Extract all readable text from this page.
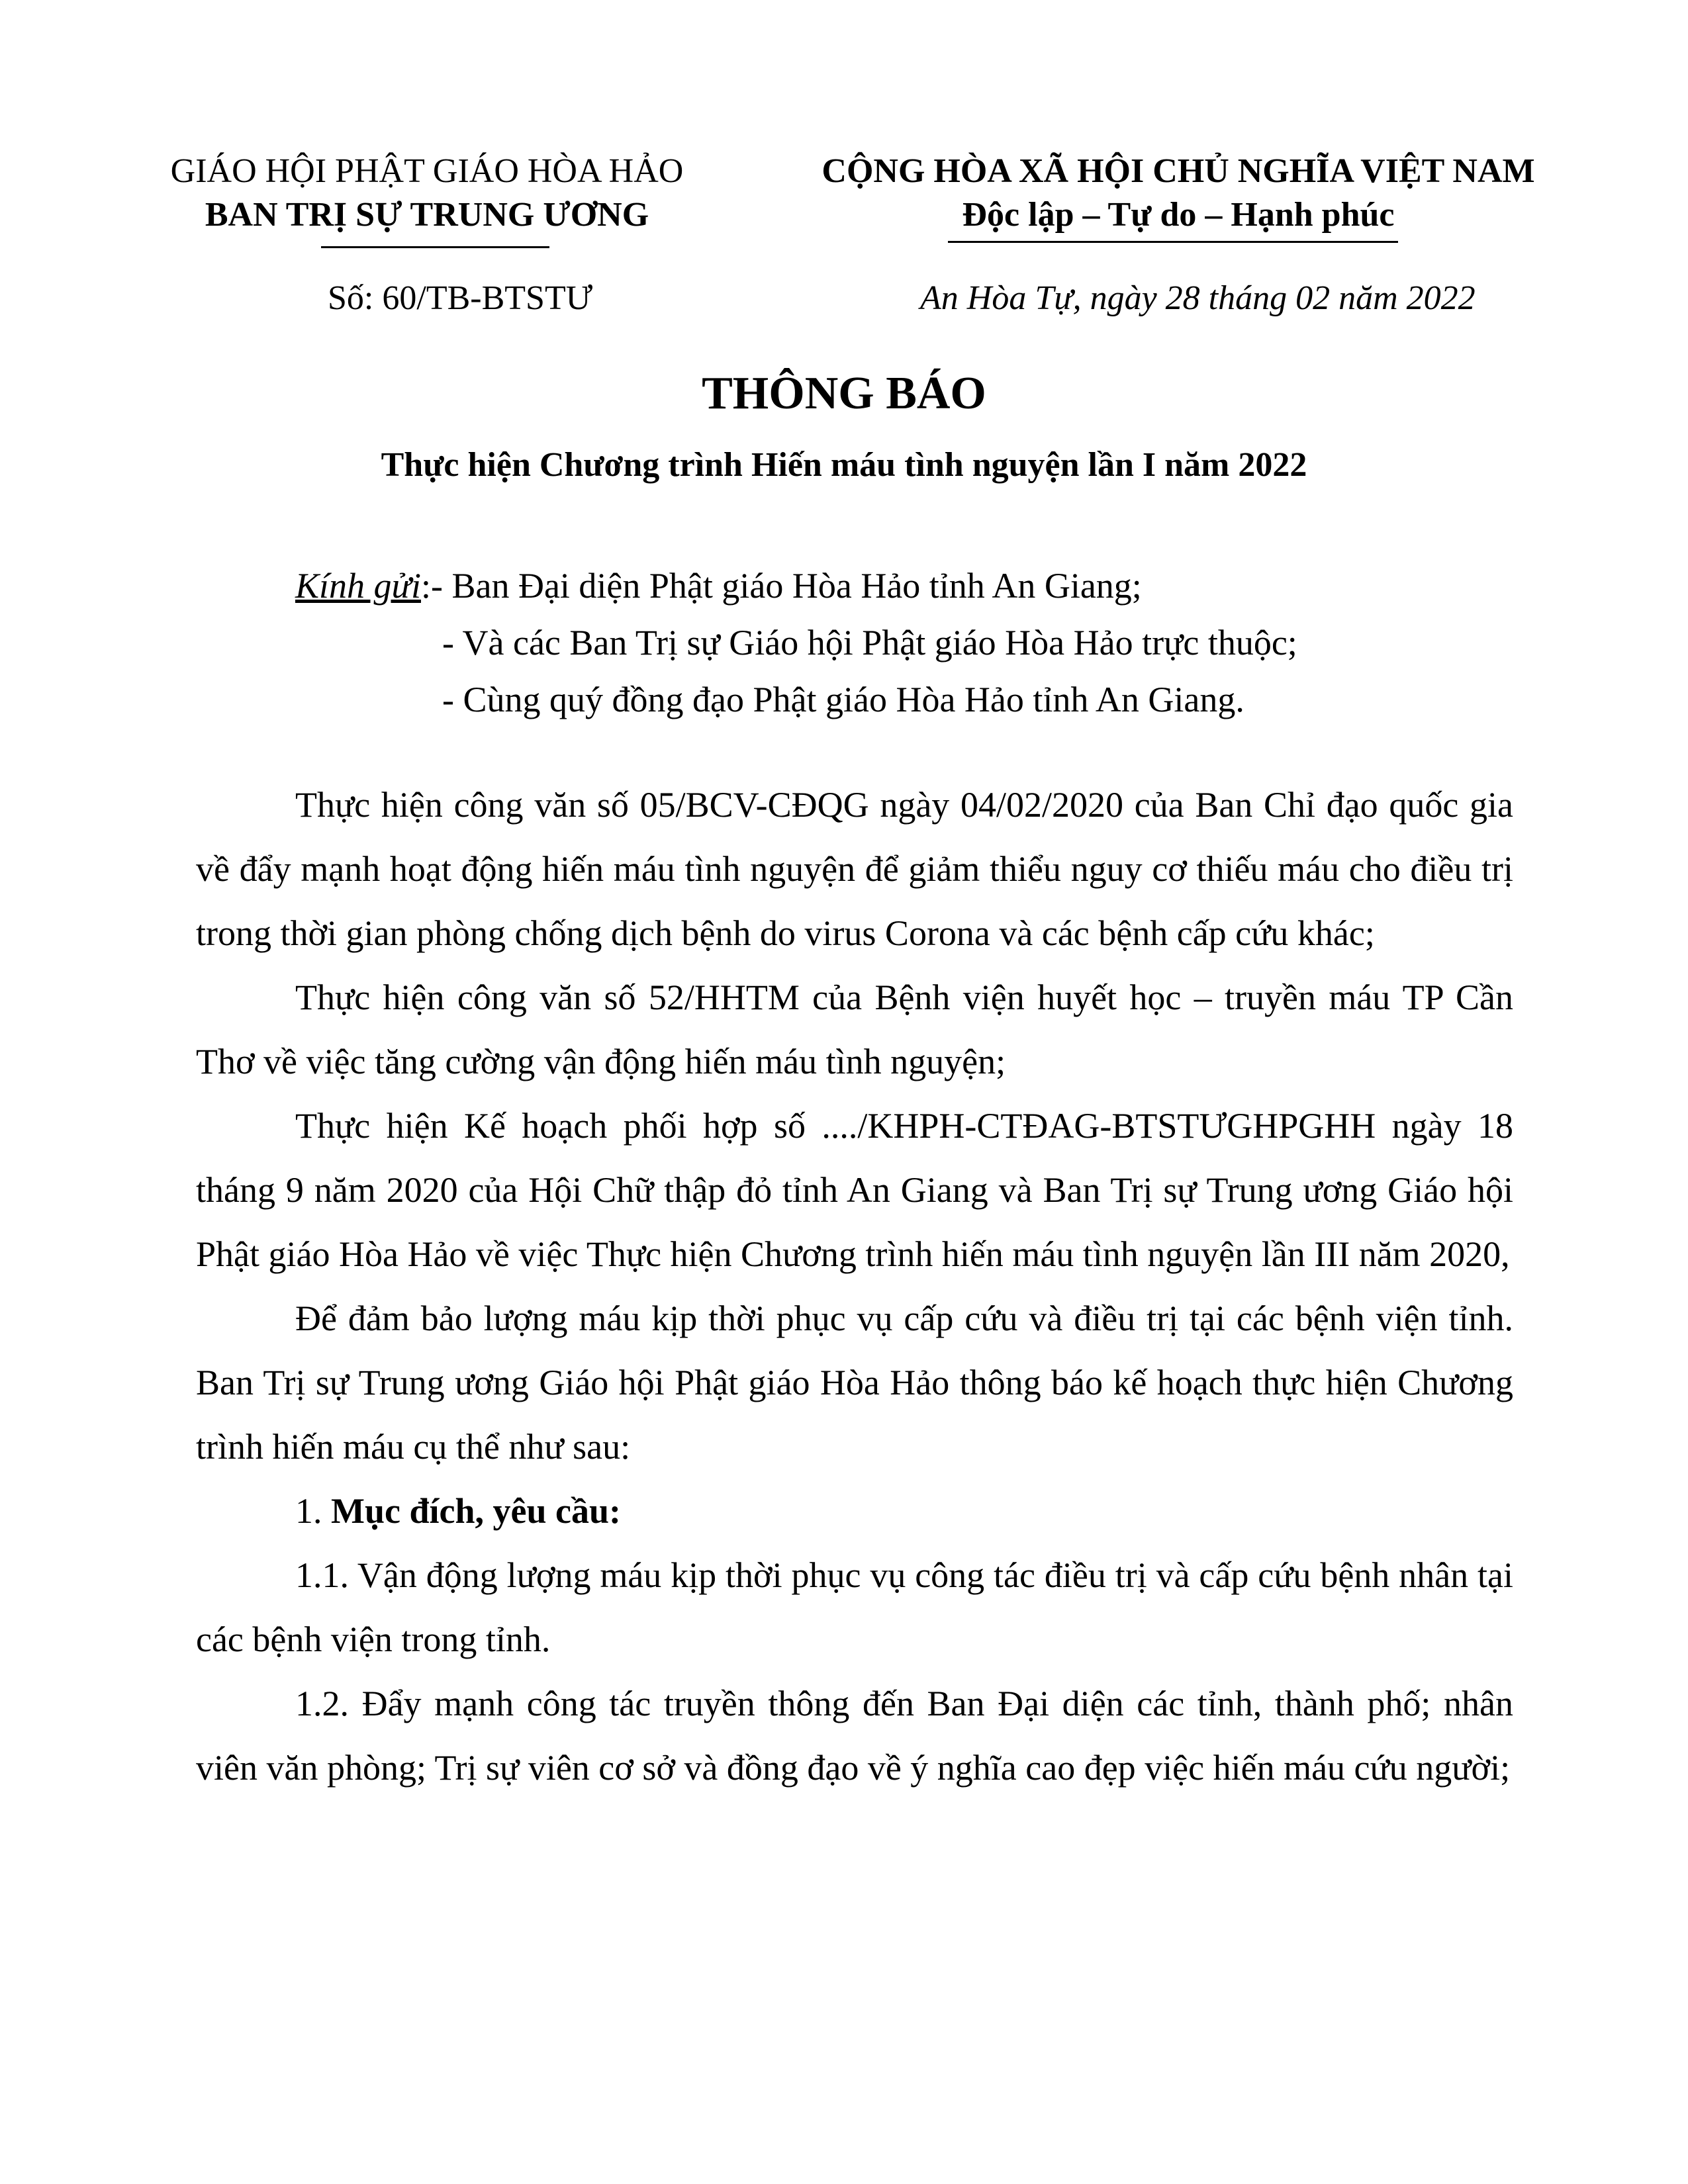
GIÁO HỘI PHẬT GIÁO HÒA HẢO
BAN TRỊ SỰ TRUNG ƯƠNG
CỘNG HÒA XÃ HỘI CHỦ NGHĨA VIỆT NAM
Độc lập – Tự do – Hạnh phúc
Số: 60/TB-BTSTƯ	An Hòa Tự, ngày 28 tháng 02 năm 2022
THÔNG BÁO
Thực hiện Chương trình Hiến máu tình nguyện lần I năm 2022
Kính gửi:- Ban Đại diện Phật giáo Hòa Hảo tỉnh An Giang;
- Và các Ban Trị sự Giáo hội Phật giáo Hòa Hảo trực thuộc;
- Cùng quý đồng đạo Phật giáo Hòa Hảo tỉnh An Giang.

Thực hiện công văn số 05/BCV-CĐQG ngày 04/02/2020 của Ban Chỉ đạo quốc gia về đẩy mạnh hoạt động hiến máu tình nguyện để giảm thiểu nguy cơ thiếu máu cho điều trị trong thời gian phòng chống dịch bệnh do virus Corona và các bệnh cấp cứu khác;

Thực hiện công văn số 52/HHTM của Bệnh viện huyết học – truyền máu TP Cần Thơ về việc tăng cường vận động hiến máu tình nguyện;

Thực hiện Kế hoạch phối hợp số ..../KHPH-CTĐAG-BTSTƯGHPGHH ngày 18 tháng 9 năm 2020 của Hội Chữ thập đỏ tỉnh An Giang và Ban Trị sự Trung ương Giáo hội Phật giáo Hòa Hảo về việc Thực hiện Chương trình hiến máu tình nguyện lần III năm 2020,

Để đảm bảo lượng máu kịp thời phục vụ cấp cứu và điều trị tại các bệnh viện tỉnh. Ban Trị sự Trung ương Giáo hội Phật giáo Hòa Hảo thông báo kế hoạch thực hiện Chương trình hiến máu cụ thể như sau:

1. Mục đích, yêu cầu:

1.1. Vận động lượng máu kịp thời phục vụ công tác điều trị và cấp cứu bệnh nhân tại các bệnh viện trong tỉnh.

1.2. Đẩy mạnh công tác truyền thông đến Ban Đại diện các tỉnh, thành phố; nhân viên văn phòng; Trị sự viên cơ sở và đồng đạo về ý nghĩa cao đẹp việc hiến máu cứu người;
